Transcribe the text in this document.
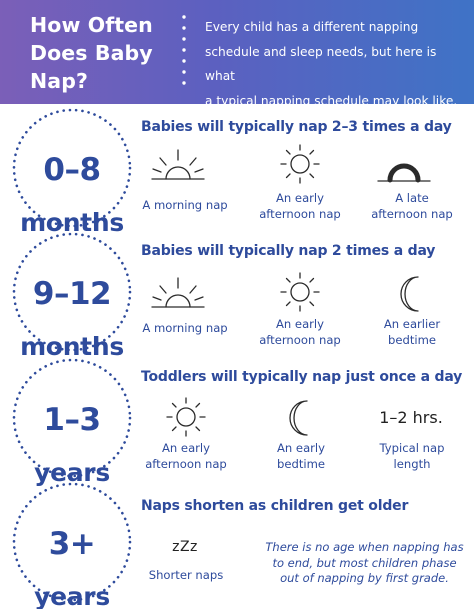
How Often
Does Baby
Nap?
Every child has a different napping
schedule and sleep needs, but here is what
a typical napping schedule may look like.

0–8

months

Babies will typically nap 2–3 times a day
A morning nap	An early
afternoon nap
A late
afternoon nap

9–12

months

Babies will typically nap 2 times a day
A morning nap	An early
afternoon nap
An earlier
bedtime

1–3

years

Toddlers will typically nap just once a day
An early
afternoon nap
An early
bedtime
1–2 hrs.
Typical nap
length

3+

years

Naps shorten as children get older
zZz
Shorter naps
There is no age when napping has to end, but most children phase out of napping by first grade.
